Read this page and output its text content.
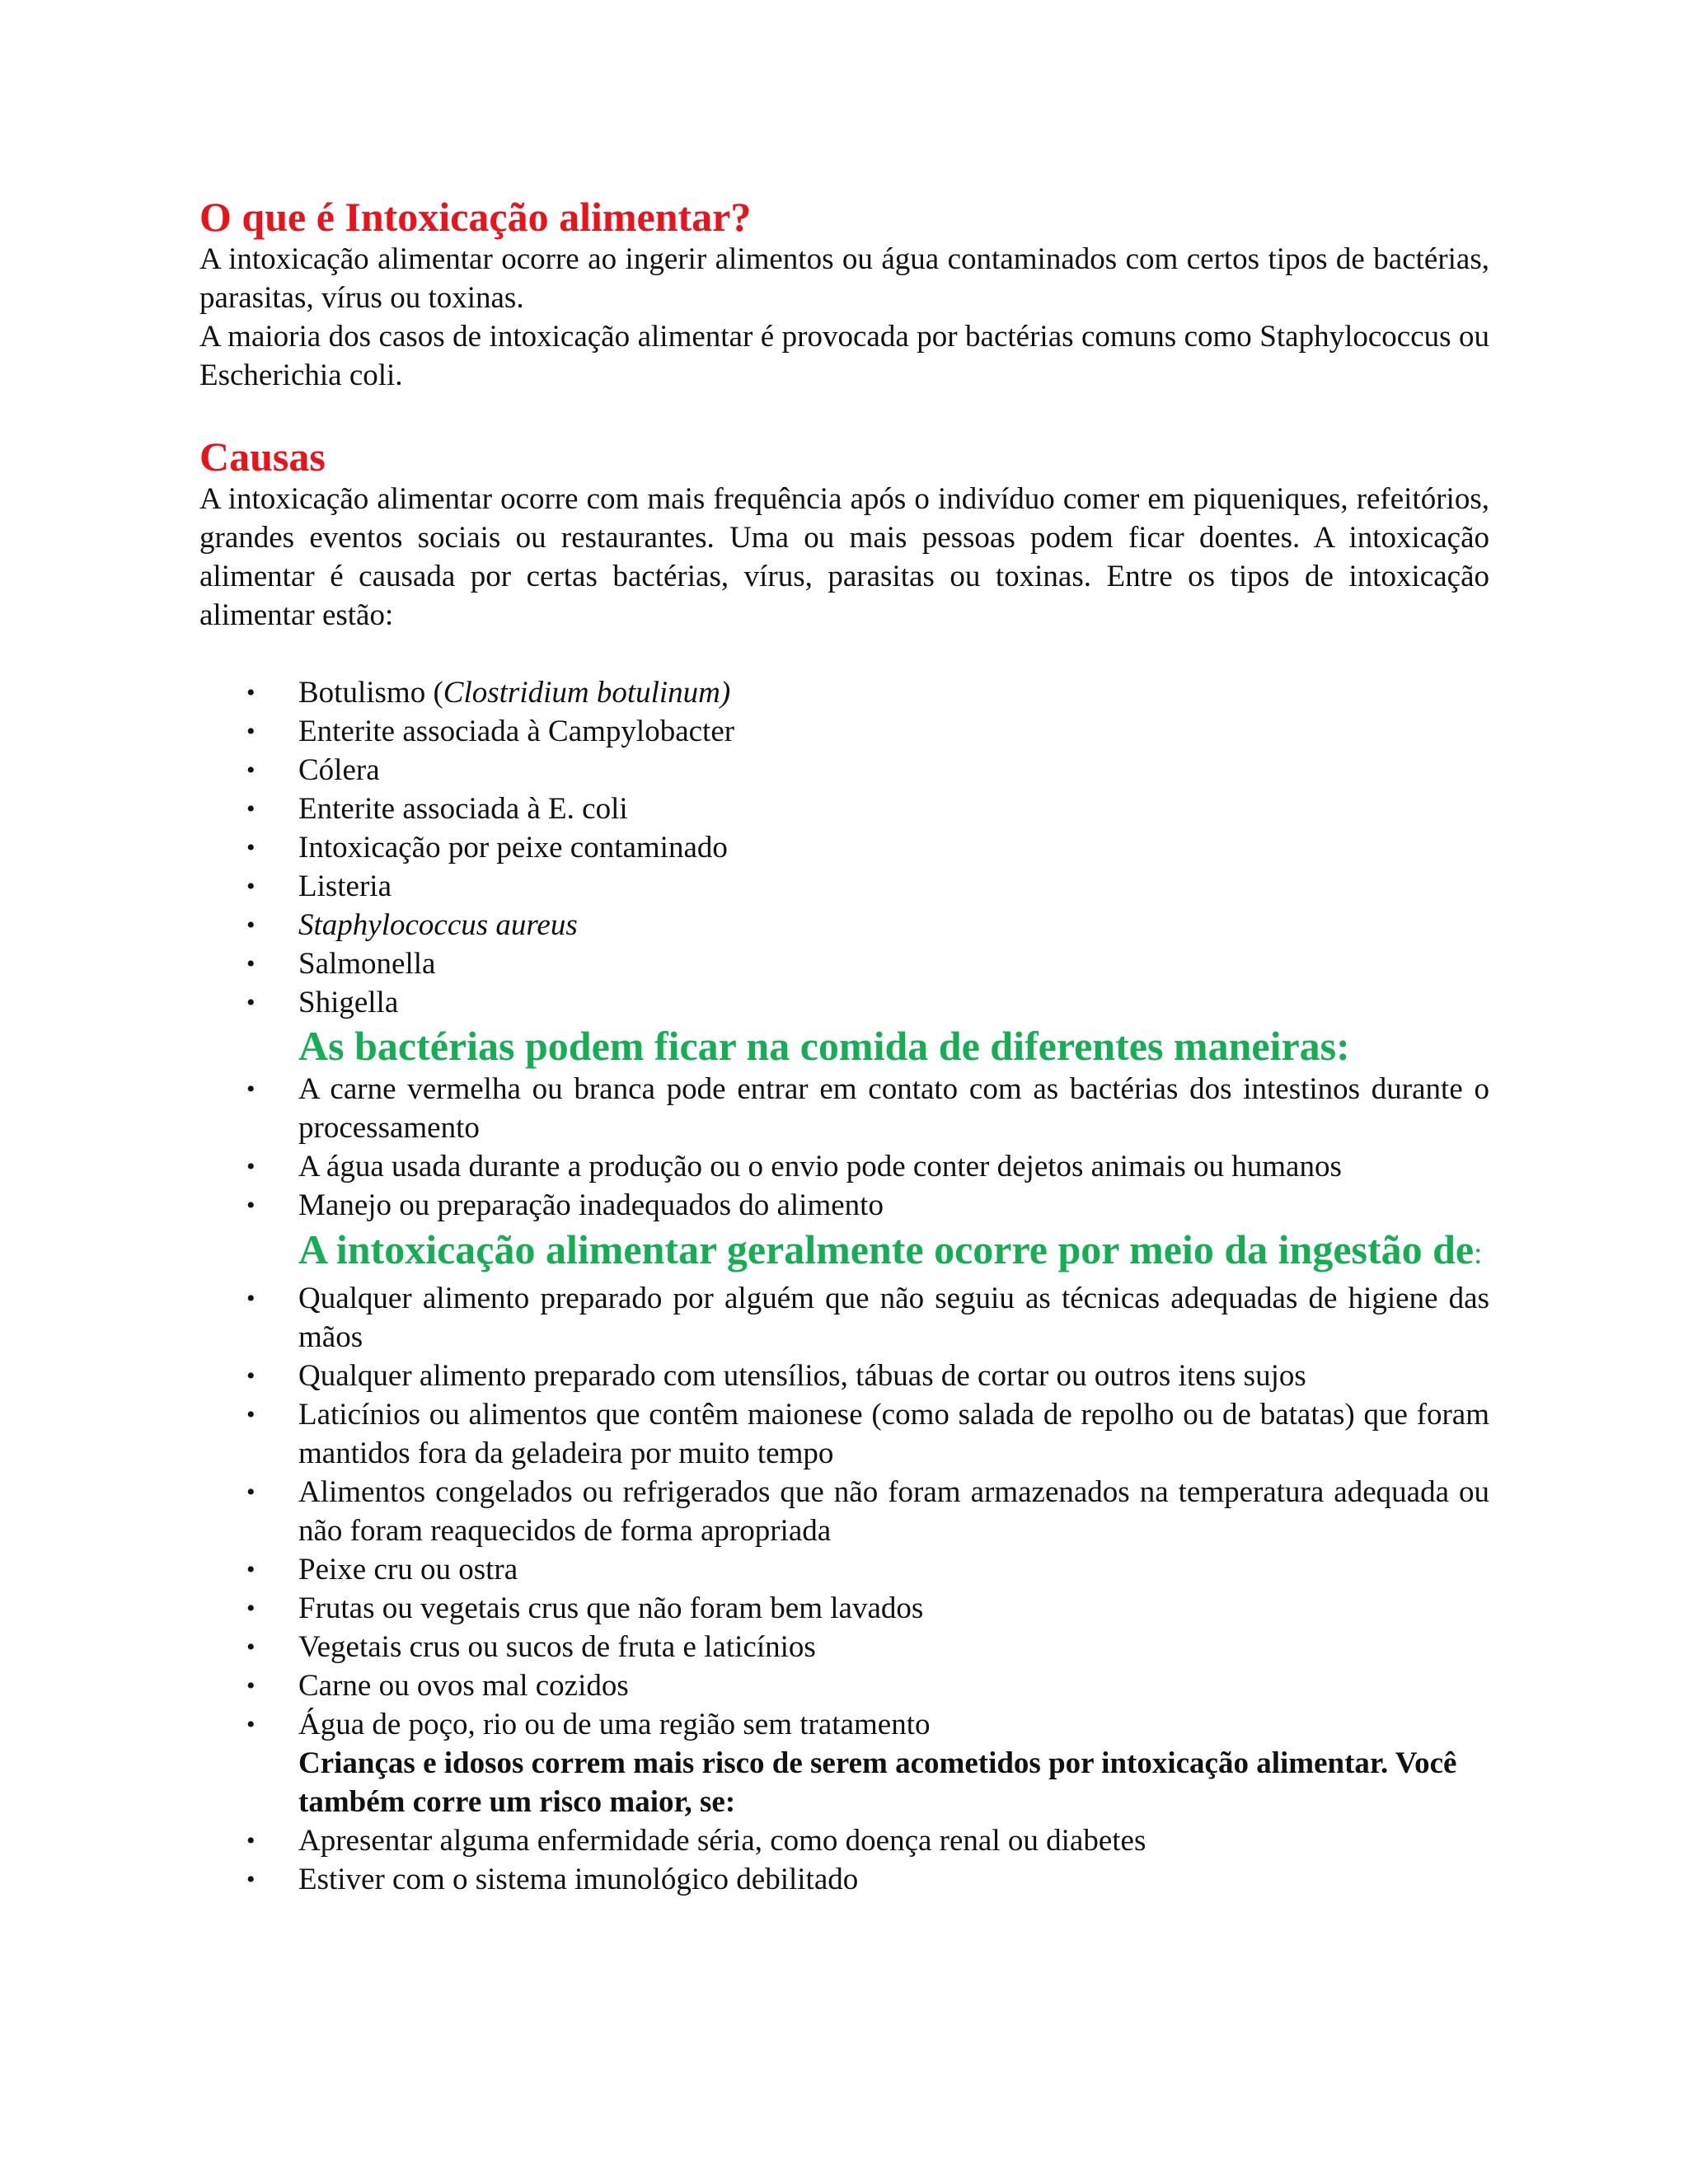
O que é Intoxicação alimentar?

A intoxicação alimentar ocorre ao ingerir alimentos ou água contaminados com certos tipos de bactérias, parasitas, vírus ou toxinas.

A maioria dos casos de intoxicação alimentar é provocada por bactérias comuns como Staphylococcus ou Escherichia coli.

Causas

A intoxicação alimentar ocorre com mais frequência após o indivíduo comer em piqueniques, refeitórios, grandes eventos sociais ou restaurantes. Uma ou mais pessoas podem ficar doentes. A intoxicação alimentar é causada por certas bactérias, vírus, parasitas ou toxinas. Entre os tipos de intoxicação alimentar estão:

• Botulismo (Clostridium botulinum)
• Enterite associada à Campylobacter
• Cólera
• Enterite associada à E. coli
• Intoxicação por peixe contaminado
• Listeria
• Staphylococcus aureus
• Salmonella
• Shigella
As bactérias podem ficar na comida de diferentes maneiras:
• A carne vermelha ou branca pode entrar em contato com as bactérias dos intestinos durante o processamento
• A água usada durante a produção ou o envio pode conter dejetos animais ou humanos
• Manejo ou preparação inadequados do alimento
A intoxicação alimentar geralmente ocorre por meio da ingestão de:
• Qualquer alimento preparado por alguém que não seguiu as técnicas adequadas de higiene das mãos
• Qualquer alimento preparado com utensílios, tábuas de cortar ou outros itens sujos
• Laticínios ou alimentos que contêm maionese (como salada de repolho ou de batatas) que foram mantidos fora da geladeira por muito tempo
• Alimentos congelados ou refrigerados que não foram armazenados na temperatura adequada ou não foram reaquecidos de forma apropriada
• Peixe cru ou ostra
• Frutas ou vegetais crus que não foram bem lavados
• Vegetais crus ou sucos de fruta e laticínios
• Carne ou ovos mal cozidos
• Água de poço, rio ou de uma região sem tratamento

Crianças e idosos correm mais risco de serem acometidos por intoxicação alimentar. Você também corre um risco maior, se:

• Apresentar alguma enfermidade séria, como doença renal ou diabetes
• Estiver com o sistema imunológico debilitado
